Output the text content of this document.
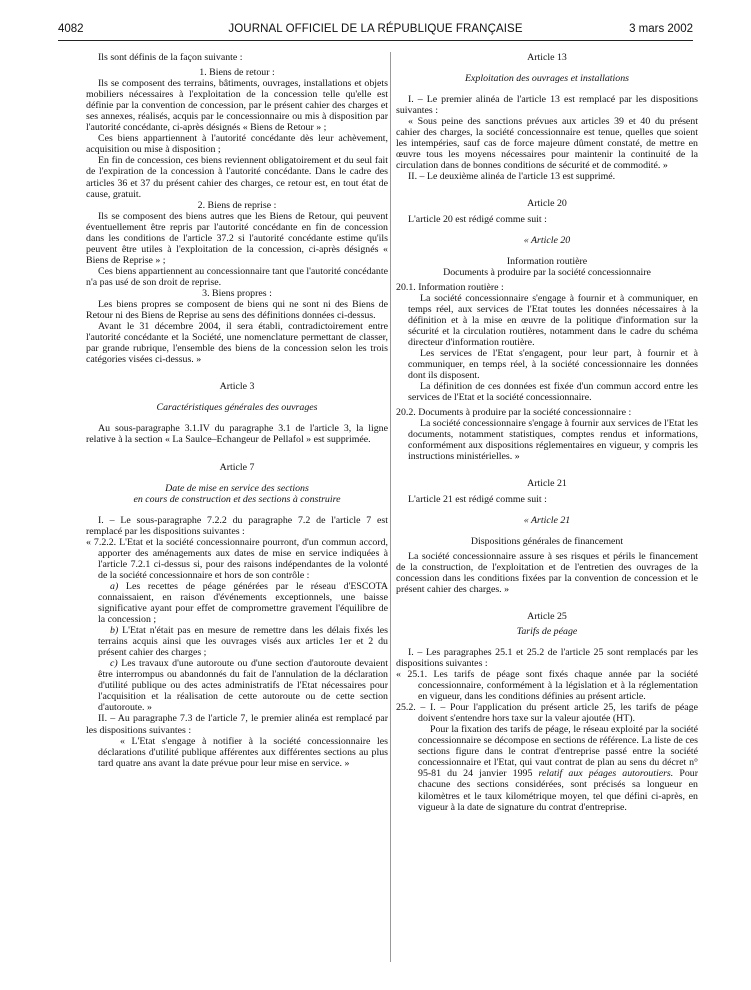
4082	JOURNAL OFFICIEL DE LA RÉPUBLIQUE FRANÇAISE	3 mars 2002

Ils sont définis de la façon suivante :

1. Biens de retour :

Ils se composent des terrains, bâtiments, ouvrages, installations et objets mobiliers nécessaires à l'exploitation de la concession telle qu'elle est définie par la convention de concession, par le présent cahier des charges et ses annexes, réalisés, acquis par le concessionnaire ou mis à disposition par l'autorité concédante, ci-après désignés « Biens de Retour » ;

Ces biens appartiennent à l'autorité concédante dès leur achèvement, acquisition ou mise à disposition ;

En fin de concession, ces biens reviennent obligatoirement et du seul fait de l'expiration de la concession à l'autorité concédante. Dans le cadre des articles 36 et 37 du présent cahier des charges, ce retour est, en tout état de cause, gratuit.

2. Biens de reprise :

Ils se composent des biens autres que les Biens de Retour, qui peuvent éventuellement être repris par l'autorité concédante en fin de concession dans les conditions de l'article 37.2 si l'autorité concédante estime qu'ils peuvent être utiles à l'exploitation de la concession, ci-après désignés « Biens de Reprise » ;

Ces biens appartiennent au concessionnaire tant que l'autorité concédante n'a pas usé de son droit de reprise.

3. Biens propres :

Les biens propres se composent de biens qui ne sont ni des Biens de Retour ni des Biens de Reprise au sens des définitions données ci-dessus.

Avant le 31 décembre 2004, il sera établi, contradictoirement entre l'autorité concédante et la Société, une nomenclature permettant de classer, par grande rubrique, l'ensemble des biens de la concession selon les trois catégories visées ci-dessus. »

Article 3

Caractéristiques générales des ouvrages

Au sous-paragraphe 3.1.IV du paragraphe 3.1 de l'article 3, la ligne relative à la section « La Saulce–Echangeur de Pellafol » est supprimée.

Article 7

Date de mise en service des sections

en cours de construction et des sections à construire

I. – Le sous-paragraphe 7.2.2 du paragraphe 7.2 de l'article 7 est remplacé par les dispositions suivantes :

« 7.2.2. L'Etat et la société concessionnaire pourront, d'un commun accord, apporter des aménagements aux dates de mise en service indiquées à l'article 7.2.1 ci-dessus si, pour des raisons indépendantes de la volonté de la société concessionnaire et hors de son contrôle :

a) Les recettes de péage générées par le réseau d'ESCOTA connaissaient, en raison d'événements exceptionnels, une baisse significative ayant pour effet de compromettre gravement l'équilibre de la concession ;

b) L'Etat n'était pas en mesure de remettre dans les délais fixés les terrains acquis ainsi que les ouvrages visés aux articles 1er et 2 du présent cahier des charges ;

c) Les travaux d'une autoroute ou d'une section d'autoroute devaient être interrompus ou abandonnés du fait de l'annulation de la déclaration d'utilité publique ou des actes administratifs de l'Etat nécessaires pour l'acquisition et la réalisation de cette autoroute ou de cette section d'autoroute. »

II. – Au paragraphe 7.3 de l'article 7, le premier alinéa est remplacé par les dispositions suivantes :

« L'Etat s'engage à notifier à la société concessionnaire les déclarations d'utilité publique afférentes aux différentes sections au plus tard quatre ans avant la date prévue pour leur mise en service. »

Article 13

Exploitation des ouvrages et installations

I. – Le premier alinéa de l'article 13 est remplacé par les dispositions suivantes :

« Sous peine des sanctions prévues aux articles 39 et 40 du présent cahier des charges, la société concessionnaire est tenue, quelles que soient les intempéries, sauf cas de force majeure dûment constaté, de mettre en œuvre tous les moyens nécessaires pour maintenir la continuité de la circulation dans de bonnes conditions de sécurité et de commodité. »

II. – Le deuxième alinéa de l'article 13 est supprimé.

Article 20

L'article 20 est rédigé comme suit :

« Article 20

Information routière

Documents à produire par la société concessionnaire

20.1. Information routière :

La société concessionnaire s'engage à fournir et à communiquer, en temps réel, aux services de l'Etat toutes les données nécessaires à la définition et à la mise en œuvre de la politique d'information sur la sécurité et la circulation routières, notamment dans le cadre du schéma directeur d'information routière.

Les services de l'Etat s'engagent, pour leur part, à fournir et à communiquer, en temps réel, à la société concessionnaire les données dont ils disposent.

La définition de ces données est fixée d'un commun accord entre les services de l'Etat et la société concessionnaire.

20.2. Documents à produire par la société concessionnaire :

La société concessionnaire s'engage à fournir aux services de l'Etat les documents, notamment statistiques, comptes rendus et informations, conformément aux dispositions réglementaires en vigueur, y compris les instructions ministérielles. »

Article 21

L'article 21 est rédigé comme suit :

« Article 21

Dispositions générales de financement

La société concessionnaire assure à ses risques et périls le financement de la construction, de l'exploitation et de l'entretien des ouvrages de la concession dans les conditions fixées par la convention de concession et le présent cahier des charges. »

Article 25

Tarifs de péage

I. – Les paragraphes 25.1 et 25.2 de l'article 25 sont remplacés par les dispositions suivantes :

« 25.1. Les tarifs de péage sont fixés chaque année par la société concessionnaire, conformément à la législation et à la réglementation en vigueur, dans les conditions définies au présent article.

25.2. – I. – Pour l'application du présent article 25, les tarifs de péage doivent s'entendre hors taxe sur la valeur ajoutée (HT).

Pour la fixation des tarifs de péage, le réseau exploité par la société concessionnaire se décompose en sections de référence. La liste de ces sections figure dans le contrat d'entreprise passé entre la société concessionnaire et l'Etat, qui vaut contrat de plan au sens du décret n° 95-81 du 24 janvier 1995 relatif aux péages autoroutiers. Pour chacune des sections considérées, sont précisés sa longueur en kilomètres et le taux kilométrique moyen, tel que défini ci-après, en vigueur à la date de signature du contrat d'entreprise.
